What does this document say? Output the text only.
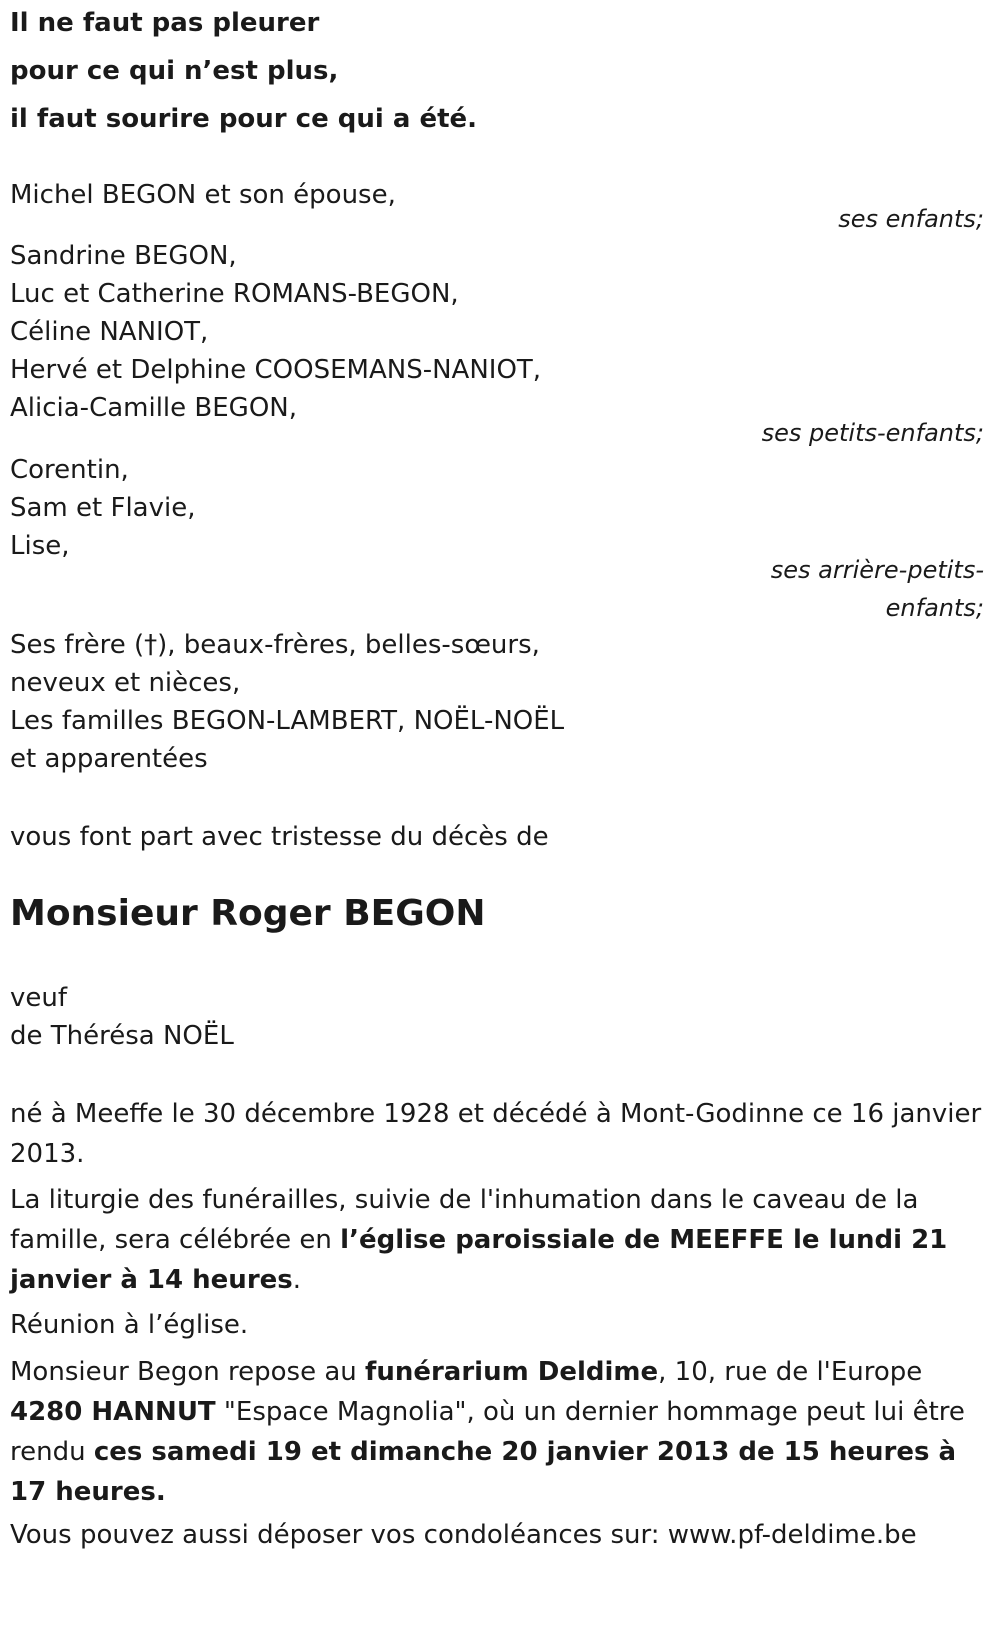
Il ne faut pas pleurer
pour ce qui n’est plus,
il faut sourire pour ce qui a été.
Michel BEGON et son épouse,
ses enfants;
Sandrine BEGON,
Luc et Catherine ROMANS-BEGON,
Céline NANIOT,
Hervé et Delphine COOSEMANS-NANIOT,
Alicia-Camille BEGON,
ses petits-enfants;
Corentin,
Sam et Flavie,
Lise,
ses arrière-petits-
enfants;
Ses frère (†), beaux-frères, belles-sœurs,
neveux et nièces,
Les familles BEGON-LAMBERT, NOËL-NOËL
et apparentées
vous font part avec tristesse du décès de
Monsieur Roger BEGON
veuf
de Thérésa NOËL
né à Meeffe le 30 décembre 1928 et décédé à Mont-Godinne ce 16 janvier 2013.
La liturgie des funérailles, suivie de l'inhumation dans le caveau de la famille, sera célébrée en l’église paroissiale de MEEFFE le lundi 21 janvier à 14 heures.
Réunion à l’église.
Monsieur Begon repose au funérarium Deldime, 10, rue de l'Europe 4280 HANNUT "Espace Magnolia", où un dernier hommage peut lui être rendu ces samedi 19 et dimanche 20 janvier 2013 de 15 heures à 17 heures.
Vous pouvez aussi déposer vos condoléances sur: www.pf-deldime.be
